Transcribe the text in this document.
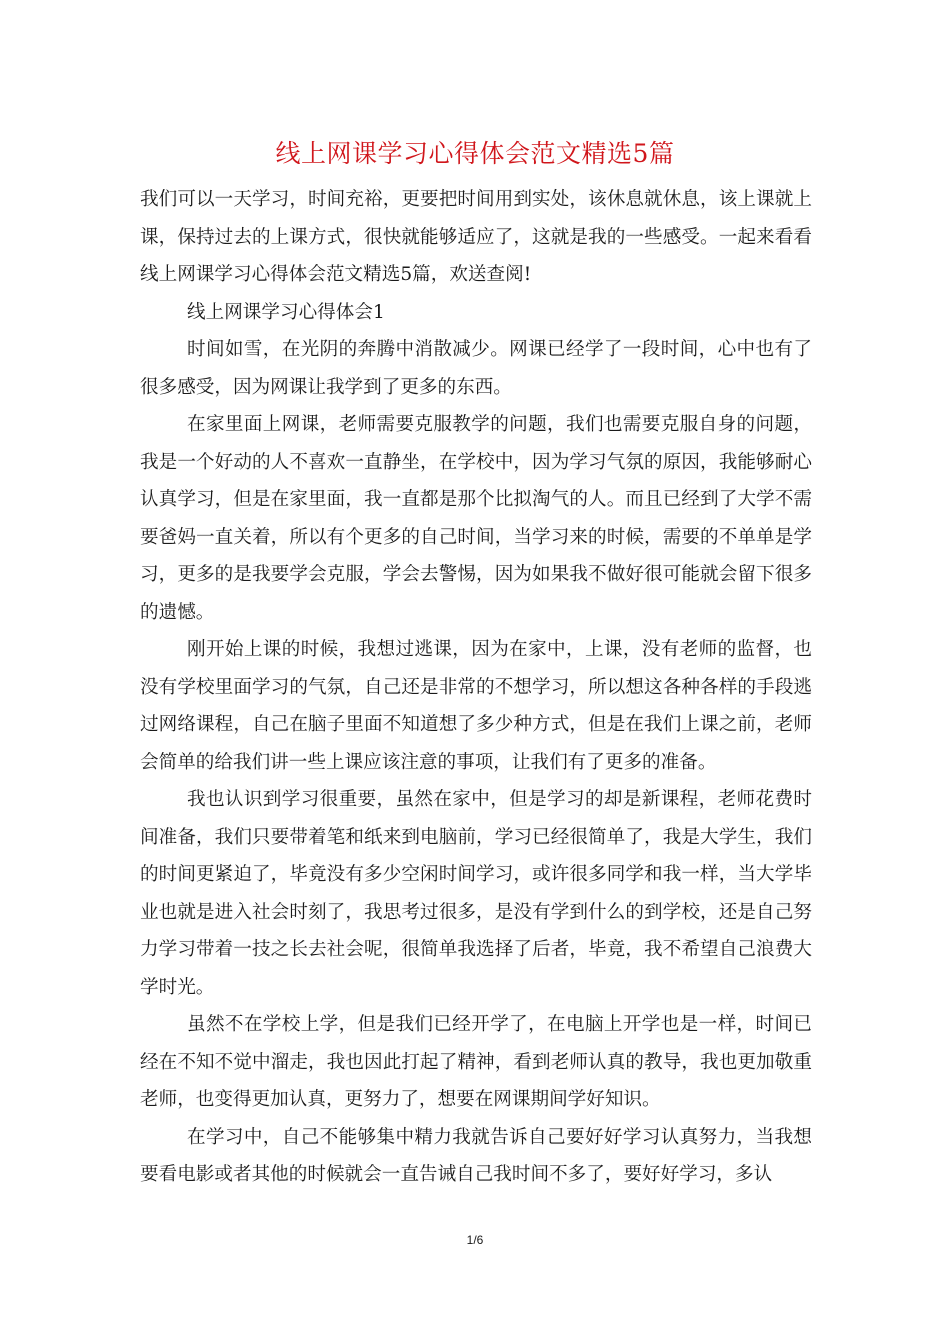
线上网课学习心得体会范文精选5篇

我们可以一天学习，时间充裕，更要把时间用到实处，该休息就休息，该上课就上课，保持过去的上课方式，很快就能够适应了，这就是我的一些感受。一起来看看线上网课学习心得体会范文精选5篇，欢送查阅!

线上网课学习心得体会1

时间如雪，在光阴的奔腾中消散减少。网课已经学了一段时间，心中也有了很多感受，因为网课让我学到了更多的东西。

在家里面上网课，老师需要克服教学的问题，我们也需要克服自身的问题，我是一个好动的人不喜欢一直静坐，在学校中，因为学习气氛的原因，我能够耐心认真学习，但是在家里面，我一直都是那个比拟淘气的人。而且已经到了大学不需要爸妈一直关着，所以有个更多的自己时间，当学习来的时候，需要的不单单是学习，更多的是我要学会克服，学会去警惕，因为如果我不做好很可能就会留下很多的遗憾。

刚开始上课的时候，我想过逃课，因为在家中，上课，没有老师的监督，也没有学校里面学习的气氛，自己还是非常的不想学习，所以想这各种各样的手段逃过网络课程，自己在脑子里面不知道想了多少种方式，但是在我们上课之前，老师会简单的给我们讲一些上课应该注意的事项，让我们有了更多的准备。

我也认识到学习很重要，虽然在家中，但是学习的却是新课程，老师花费时间准备，我们只要带着笔和纸来到电脑前，学习已经很简单了，我是大学生，我们的时间更紧迫了，毕竟没有多少空闲时间学习，或许很多同学和我一样，当大学毕业也就是进入社会时刻了，我思考过很多，是没有学到什么的到学校，还是自己努力学习带着一技之长去社会呢，很简单我选择了后者，毕竟，我不希望自己浪费大学时光。

虽然不在学校上学，但是我们已经开学了，在电脑上开学也是一样，时间已经在不知不觉中溜走，我也因此打起了精神，看到老师认真的教导，我也更加敬重老师，也变得更加认真，更努力了，想要在网课期间学好知识。

在学习中，自己不能够集中精力我就告诉自己要好好学习认真努力，当我想要看电影或者其他的时候就会一直告诫自己我时间不多了，要好好学习，多认

1/6
